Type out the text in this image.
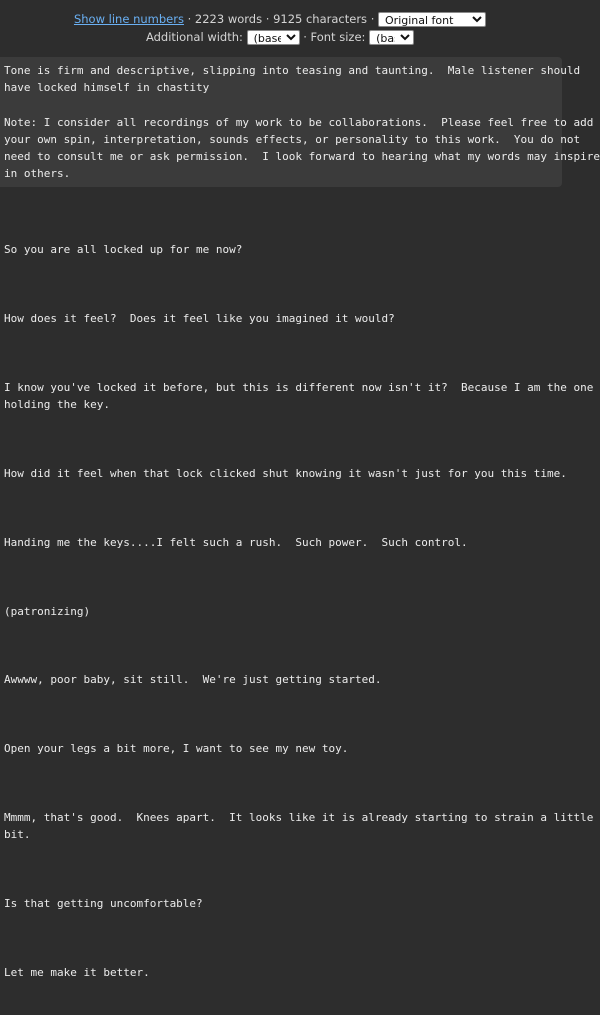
Show line numbers · 2223 words · 9125 characters ·
Original font
Additional width:
(base)	· Font size:
(base)
Tone is firm and descriptive, slipping into teasing and taunting.  Male listener should
have locked himself in chastity
Note: I consider all recordings of my work to be collaborations.  Please feel free to add
your own spin, interpretation, sounds effects, or personality to this work.  You do not
need to consult me or ask permission.  I look forward to hearing what my words may inspire
in others.

So you are all locked up for me now?

How does it feel?  Does it feel like you imagined it would?

I know you've locked it before, but this is different now isn't it?  Because I am the one
holding the key.

How did it feel when that lock clicked shut knowing it wasn't just for you this time.

Handing me the keys....I felt such a rush.  Such power.  Such control.

(patronizing)

Awwww, poor baby, sit still.  We're just getting started.

Open your legs a bit more, I want to see my new toy.

Mmmm, that's good.  Knees apart.  It looks like it is already starting to strain a little
bit.

Is that getting uncomfortable?

Let me make it better.
